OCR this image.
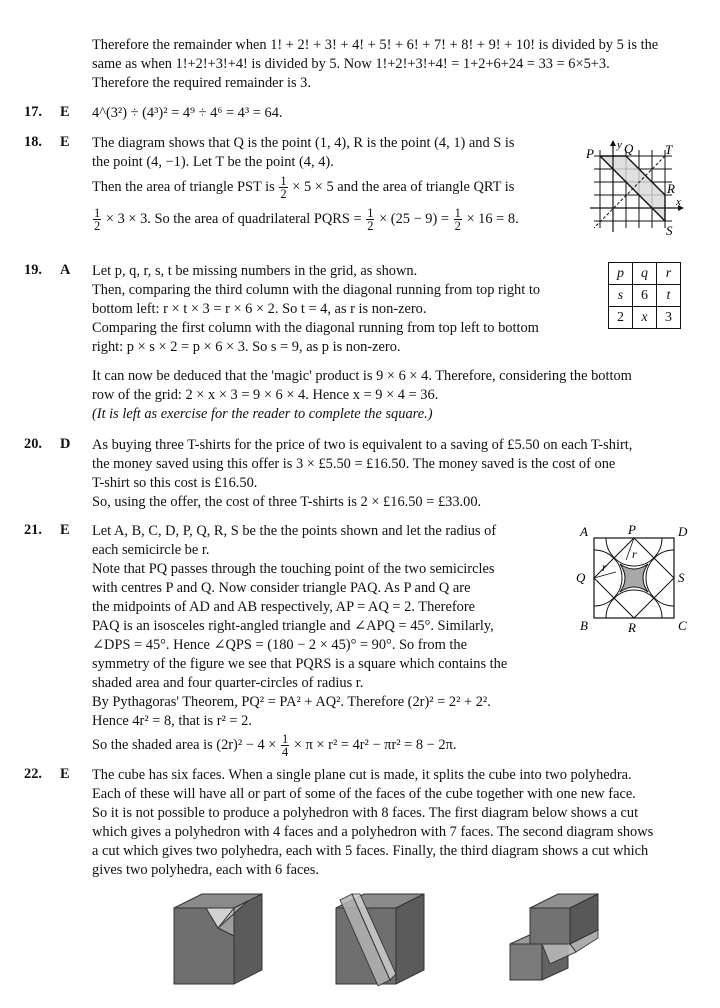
Therefore the remainder when 1! + 2! + 3! + 4! + 5! + 6! + 7! + 8! + 9! + 10! is divided by 5 is the
same as when 1!+2!+3!+4! is divided by 5. Now 1!+2!+3!+4! = 1+2+6+24 = 33 = 6×5+3.
Therefore the required remainder is 3.
17. E 4^(3²) ÷ (4³)² = 4⁹ ÷ 4⁶ = 4³ = 64.
18. E The diagram shows that Q is the point (1, 4), R is the point (4, 1) and S is
the point (4, −1). Let T be the point (4, 4).
Then the area of triangle PST is $\frac{1}{2} \times 5 \times 5$ and the area of triangle QRT is
$\frac{1}{2} \times 3 \times 3$. So the area of quadrilateral PQRS = $\frac{1}{2} \times (25 - 9) = \frac{1}{2} \times 16 = 8$.
P
y Q T
R
x
S
19. A Let p, q, r, s, t be missing numbers in the grid, as shown.
Then, comparing the third column with the diagonal running from top right to
bottom left: r × t × 3 = r × 6 × 2. So t = 4, as r is non-zero.
Comparing the first column with the diagonal running from top left to bottom
right: p × s × 2 = p × 6 × 3. So s = 9, as p is non-zero.
It can now be deduced that the 'magic' product is 9 × 6 × 4. Therefore, considering the bottom
row of the grid: 2 × x × 3 = 9 × 6 × 4. Hence x = 9 × 4 = 36.
(It is left as exercise for the reader to complete the square.)
p	q	r
s	6	t
2	x	3
20. D As buying three T-shirts for the price of two is equivalent to a saving of £5.50 on each T-shirt,
the money saved using this offer is 3 × £5.50 = £16.50. The money saved is the cost of one
T-shirt so this cost is £16.50.
So, using the offer, the cost of three T-shirts is 2 × £16.50 = £33.00.
21. E Let A, B, C, D, P, Q, R, S be the the points shown and let the radius of
each semicircle be r.
Note that PQ passes through the touching point of the two semicircles
with centres P and Q. Now consider triangle PAQ. As P and Q are
the midpoints of AD and AB respectively, AP = AQ = 2. Therefore
PAQ is an isosceles right-angled triangle and ∠APQ = 45°. Similarly,
∠DPS = 45°. Hence ∠QPS = (180 − 2 × 45)° = 90°. So from the
symmetry of the figure we see that PQRS is a square which contains the
shaded area and four quarter-circles of radius r.
By Pythagoras' Theorem, PQ² = PA² + AQ². Therefore (2r)² = 2² + 2².
Hence 4r² = 8, that is r² = 2.
So the shaded area is $(2r)^2 - 4 \times \frac{1}{4} \times \pi \times r^2 = 4r^2 - \pi r^2 = 8 - 2\pi$.
A	P	D
Q	S
B	R	C
r
r
22. E The cube has six faces. When a single plane cut is made, it splits the cube into two polyhedra.
Each of these will have all or part of some of the faces of the cube together with one new face.
So it is not possible to produce a polyhedron with 8 faces. The first diagram below shows a cut
which gives a polyhedron with 4 faces and a polyhedron with 7 faces. The second diagram shows
a cut which gives two polyhedra, each with 5 faces. Finally, the third diagram shows a cut which
gives two polyhedra, each with 6 faces.
